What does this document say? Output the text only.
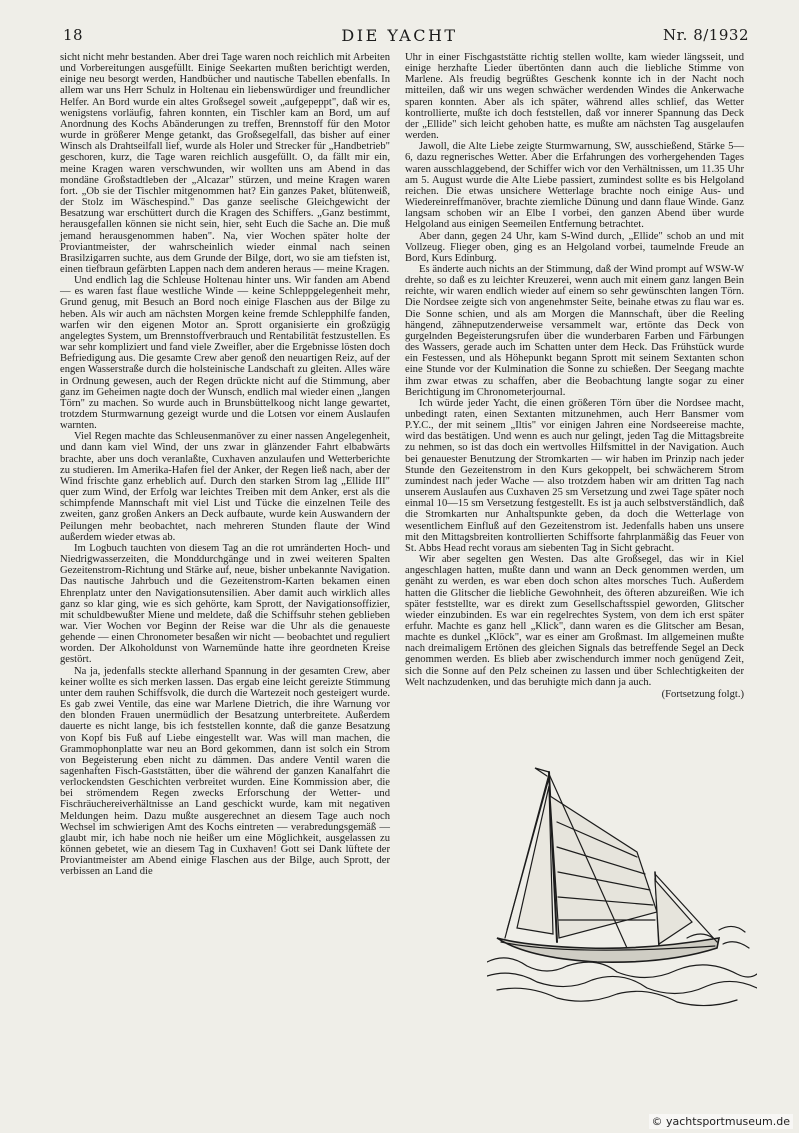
DIE YACHT
18	Nr. 8/1932

sicht nicht mehr bestanden. Aber drei Tage waren noch reichlich mit Arbeiten und Vorbereitungen ausgefüllt. Einige Seekarten mußten berichtigt werden, einige neu besorgt werden, Handbücher und nautische Tabellen ebenfalls. In allem war uns Herr Schulz in Holtenau ein liebenswürdiger und freundlicher Helfer. An Bord wurde ein altes Großsegel soweit „aufgepeppt", daß wir es, wenigstens vorläufig, fahren konnten, ein Tischler kam an Bord, um auf Anordnung des Kochs Abänderungen zu treffen, Brennstoff für den Motor wurde in größerer Menge getankt, das Großsegelfall, das bisher auf einer Winsch als Drahtseilfall lief, wurde als Holer und Strecker für „Handbetrieb" geschoren, kurz, die Tage waren reichlich ausgefüllt. O, da fällt mir ein, meine Kragen waren verschwunden, wir wollten uns am Abend in das mondäne Großstadtleben der „Alcazar" stürzen, und meine Kragen waren fort. „Ob sie der Tischler mitgenommen hat? Ein ganzes Paket, blütenweiß, der Stolz im Wäschespind." Das ganze seelische Gleichgewicht der Besatzung war erschüttert durch die Kragen des Schiffers. „Ganz bestimmt, herausgefallen können sie nicht sein, hier, seht Euch die Sache an. Die muß jemand herausgenommen haben". Na, vier Wochen später holte der Proviantmeister, der wahrscheinlich wieder einmal nach seinen Brasilzigarren suchte, aus dem Grunde der Bilge, dort, wo sie am tiefsten ist, einen tiefbraun gefärbten Lappen nach dem anderen heraus — meine Kragen.

Und endlich lag die Schleuse Holtenau hinter uns. Wir fanden am Abend — es waren fast flaue westliche Winde — keine Schleppgelegenheit mehr, Grund genug, mit Besuch an Bord noch einige Flaschen aus der Bilge zu heben. Als wir auch am nächsten Morgen keine fremde Schlepphilfe fanden, warfen wir den eigenen Motor an. Sprott organisierte ein großzügig angelegtes System, um Brennstoffverbrauch und Rentabilität festzustellen. Es war sehr kompliziert und fand viele Zweifler, aber die Ergebnisse lösten doch Befriedigung aus. Die gesamte Crew aber genoß den neuartigen Reiz, auf der engen Wasserstraße durch die holsteinische Landschaft zu gleiten. Alles wäre in Ordnung gewesen, auch der Regen drückte nicht auf die Stimmung, aber ganz im Geheimen nagte doch der Wunsch, endlich mal wieder einen „langen Törn" zu machen. So wurde auch in Brunsbüttelkoog nicht lange gewartet, trotzdem Sturmwarnung gezeigt wurde und die Lotsen vor einem Auslaufen warnten.

Viel Regen machte das Schleusenmanöver zu einer nassen Angelegenheit, und dann kam viel Wind, der uns zwar in glänzender Fahrt elbabwärts brachte, aber uns doch veranlaßte, Cuxhaven anzulaufen und Wetterberichte zu studieren. Im Amerika-Hafen fiel der Anker, der Regen ließ nach, aber der Wind frischte ganz erheblich auf. Durch den starken Strom lag „Ellide III" quer zum Wind, der Erfolg war leichtes Treiben mit dem Anker, erst als die schimpfende Mannschaft mit viel List und Tücke die einzelnen Teile des zweiten, ganz großen Ankers an Deck aufbaute, wurde kein Auswandern der Peilungen mehr beobachtet, nach mehreren Stunden flaute der Wind außerdem wieder etwas ab.

Im Logbuch tauchten von diesem Tag an die rot umränderten Hoch- und Niedrigwasserzeiten, die Monddurchgänge und in zwei weiteren Spalten Gezeitenstrom-Richtung und Stärke auf, neue, bisher unbekannte Navigation. Das nautische Jahrbuch und die Gezeitenstrom-Karten bekamen einen Ehrenplatz unter den Navigationsutensilien. Aber damit auch wirklich alles ganz so klar ging, wie es sich gehörte, kam Sprott, der Navigationsoffizier, mit schuldbewußter Miene und meldete, daß die Schiffsuhr stehen geblieben war. Vier Wochen vor Beginn der Reise war die Uhr als die genaueste gehende — einen Chronometer besaßen wir nicht — beobachtet und reguliert worden. Der Alkoholdunst von Warnemünde hatte ihre geordneten Kreise gestört.

Na ja, jedenfalls steckte allerhand Spannung in der gesamten Crew, aber keiner wollte es sich merken lassen. Das ergab eine leicht gereizte Stimmung unter dem rauhen Schiffsvolk, die durch die Wartezeit noch gesteigert wurde. Es gab zwei Ventile, das eine war Marlene Dietrich, die ihre Warnung vor den blonden Frauen unermüdlich der Besatzung unterbreitete. Außerdem dauerte es nicht lange, bis ich feststellen konnte, daß die ganze Besatzung von Kopf bis Fuß auf Liebe eingestellt war. Was will man machen, die Grammophonplatte war neu an Bord gekommen, dann ist solch ein Strom von Begeisterung eben nicht zu dämmen. Das andere Ventil waren die sagenhaften Fisch-Gaststätten, über die während der ganzen Kanalfahrt die verlockendsten Geschichten verbreitet wurden. Eine Kommission aber, die bei strömendem Regen zwecks Erforschung der Wetter- und Fischräuchereiverhältnisse an Land geschickt wurde, kam mit negativen Meldungen heim. Dazu mußte ausgerechnet an diesem Tage auch noch Wechsel im schwierigen Amt des Kochs eintreten — verabredungsgemäß — glaubt mir, ich habe noch nie heißer um eine Möglichkeit, ausgelassen zu können gebetet, wie an diesem Tag in Cuxhaven! Gott sei Dank lüftete der Proviantmeister am Abend einige Flaschen aus der Bilge, auch Sprott, der verbissen an Land die

Uhr in einer Fischgaststätte richtig stellen wollte, kam wieder längsseit, und einige herzhafte Lieder übertönten dann auch die liebliche Stimme von Marlene. Als freudig begrüßtes Geschenk konnte ich in der Nacht noch mitteilen, daß wir uns wegen schwächer werdenden Windes die Ankerwache sparen konnten. Aber als ich später, während alles schlief, das Wetter kontrollierte, mußte ich doch feststellen, daß vor innerer Spannung das Deck der „Ellide" sich leicht gehoben hatte, es mußte am nächsten Tag ausgelaufen werden.

Jawoll, die Alte Liebe zeigte Sturmwarnung, SW, ausschießend, Stärke 5—6, dazu regnerisches Wetter. Aber die Erfahrungen des vorhergehenden Tages waren ausschlaggebend, der Schiffer wich vor den Verhältnissen, um 11.35 Uhr am 5. August wurde die Alte Liebe passiert, zumindest sollte es bis Helgoland reichen. Die etwas unsichere Wetterlage brachte noch einige Aus- und Wiedereinreffmanöver, brachte ziemliche Dünung und dann flaue Winde. Ganz langsam schoben wir an Elbe I vorbei, den ganzen Abend über wurde Helgoland aus einigen Seemeilen Entfernung betrachtet.

Aber dann, gegen 24 Uhr, kam S-Wind durch, „Ellide" schob an und mit Vollzeug. Flieger oben, ging es an Helgoland vorbei, taumelnde Freude an Bord, Kurs Edinburg.

Es änderte auch nichts an der Stimmung, daß der Wind prompt auf WSW-W drehte, so daß es zu leichter Kreuzerei, wenn auch mit einem ganz langen Bein reichte, wir waren endlich wieder auf einem so sehr gewünschten langen Törn. Die Nordsee zeigte sich von angenehmster Seite, beinahe etwas zu flau war es. Die Sonne schien, und als am Morgen die Mannschaft, über die Reeling hängend, zähneputzenderweise versammelt war, ertönte das Deck von gurgelnden Begeisterungsrufen über die wunderbaren Farben und Färbungen des Wassers, gerade auch im Schatten unter dem Heck. Das Frühstück wurde ein Festessen, und als Höhepunkt begann Sprott mit seinem Sextanten schon eine Stunde vor der Kulmination die Sonne zu schießen. Der Seegang machte ihm zwar etwas zu schaffen, aber die Beobachtung langte sogar zu einer Berichtigung im Chronometerjournal.

Ich würde jeder Yacht, die einen größeren Törn über die Nordsee macht, unbedingt raten, einen Sextanten mitzunehmen, auch Herr Bansmer vom P.Y.C., der mit seinem „Iltis" vor einigen Jahren eine Nordseereise machte, wird das bestätigen. Und wenn es auch nur gelingt, jeden Tag die Mittagsbreite zu nehmen, so ist das doch ein wertvolles Hilfsmittel in der Navigation. Auch bei genauester Benutzung der Stromkarten — wir haben im Prinzip nach jeder Stunde den Gezeitenstrom in den Kurs gekoppelt, bei schwächerem Strom zumindest nach jeder Wache — also trotzdem haben wir am dritten Tag nach unserem Auslaufen aus Cuxhaven 25 sm Versetzung und zwei Tage später noch einmal 10—15 sm Versetzung festgestellt. Es ist ja auch selbstverständlich, daß die Stromkarten nur Anhaltspunkte geben, da doch die Wetterlage von wesentlichem Einfluß auf den Gezeitenstrom ist. Jedenfalls haben uns unsere mit den Mittagsbreiten kontrollierten Schiffsorte fahrplanmäßig das Feuer von St. Abbs Head recht voraus am siebenten Tag in Sicht gebracht.

Wir aber segelten gen Westen. Das alte Großsegel, das wir in Kiel angeschlagen hatten, mußte dann und wann an Deck genommen werden, um genäht zu werden, es war eben doch schon altes morsches Tuch. Außerdem hatten die Glitscher die liebliche Gewohnheit, des öfteren abzureißen. Wie ich später feststellte, war es direkt zum Gesellschaftsspiel geworden, Glitscher wieder einzubinden. Es war ein regelrechtes System, von dem ich erst später erfuhr. Machte es ganz hell „Klick", dann waren es die Glitscher am Besan, machte es dunkel „Klöck", war es einer am Großmast. Im allgemeinen mußte nach dreimaligem Ertönen des gleichen Signals das betreffende Segel an Deck genommen werden. Es blieb aber zwischendurch immer noch genügend Zeit, sich die Sonne auf den Pelz scheinen zu lassen und über Schlechtigkeiten der Welt nachzudenken, und das beruhigte mich dann ja auch.

(Fortsetzung folgt.)
© yachtsportmuseum.de
